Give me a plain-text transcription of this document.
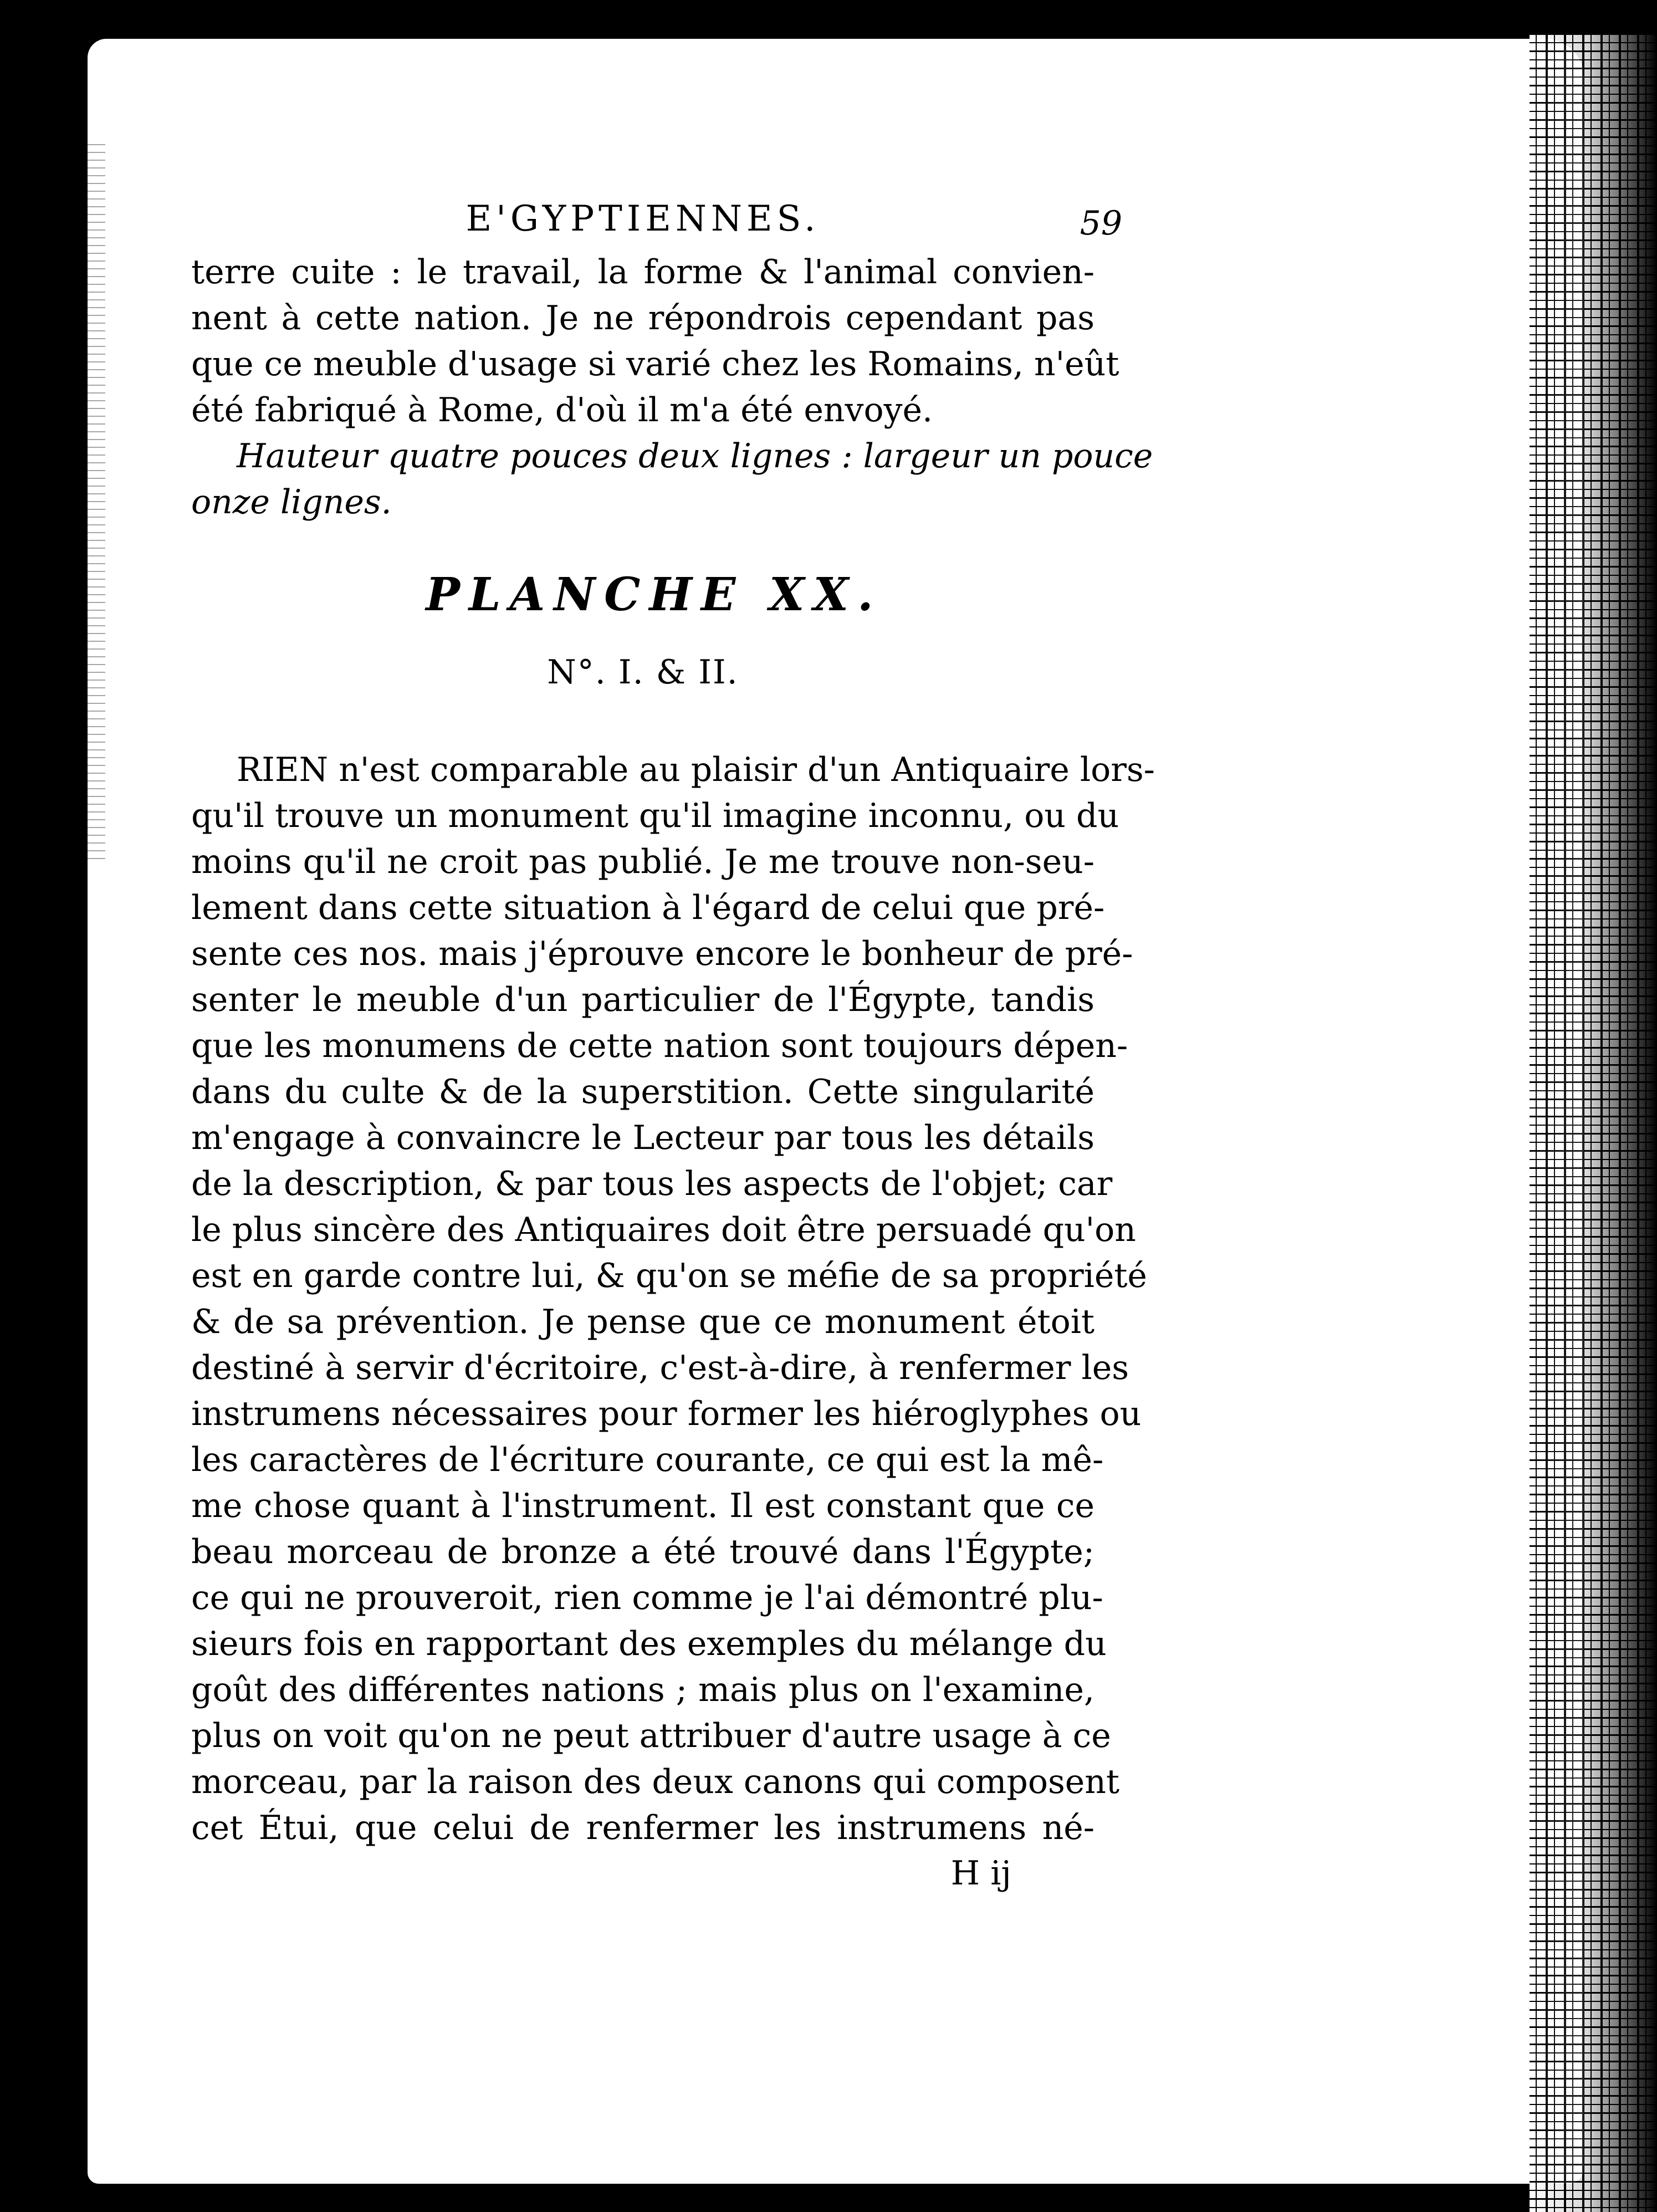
E'GYPTIENNES.	59

terre cuite : le travail, la forme & l'animal convien-
nent à cette nation. Je ne répondrois cependant pas
que ce meuble d'usage si varié chez les Romains, n'eût
été fabriqué à Rome, d'où il m'a été envoyé.

Hauteur quatre pouces deux lignes : largeur un pouce
onze lignes.

PLANCHE XX.
N°. I. & II.

RIEN n'est comparable au plaisir d'un Antiquaire lors-
qu'il trouve un monument qu'il imagine inconnu, ou du
moins qu'il ne croit pas publié. Je me trouve non-seu-
lement dans cette situation à l'égard de celui que pré-
sente ces nos. mais j'éprouve encore le bonheur de pré-
senter le meuble d'un particulier de l'Égypte, tandis
que les monumens de cette nation sont toujours dépen-
dans du culte & de la superstition. Cette singularité
m'engage à convaincre le Lecteur par tous les détails
de la description, & par tous les aspects de l'objet; car
le plus sincère des Antiquaires doit être persuadé qu'on
est en garde contre lui, & qu'on se méfie de sa propriété
& de sa prévention. Je pense que ce monument étoit
destiné à servir d'écritoire, c'est-à-dire, à renfermer les
instrumens nécessaires pour former les hiéroglyphes ou
les caractères de l'écriture courante, ce qui est la mê-
me chose quant à l'instrument. Il est constant que ce
beau morceau de bronze a été trouvé dans l'Égypte;
ce qui ne prouveroit, rien comme je l'ai démontré plu-
sieurs fois en rapportant des exemples du mélange du
goût des différentes nations ; mais plus on l'examine,
plus on voit qu'on ne peut attribuer d'autre usage à ce
morceau, par la raison des deux canons qui composent
cet Étui, que celui de renfermer les instrumens né-

H ij
